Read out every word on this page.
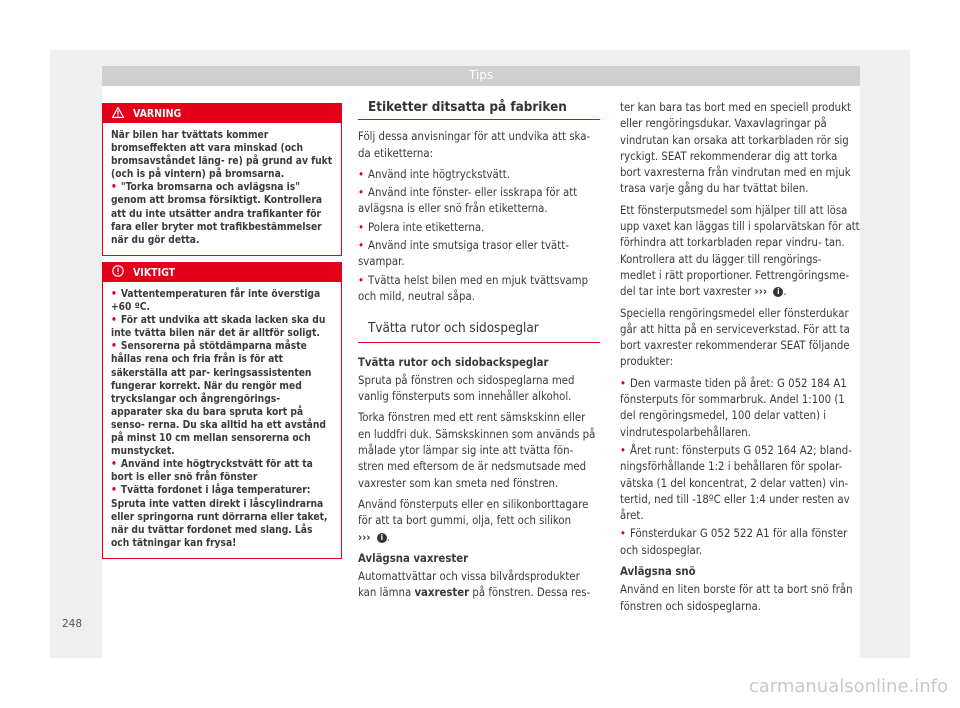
Tips
VARNING

När bilen har tvättats kommer bromseffekten att vara minskad (och bromsavståndet läng- re) på grund av fukt (och is på vintern) på bromsarna.

• "Torka bromsarna och avlägsna is" genom att bromsa försiktigt. Kontrollera att du inte utsätter andra trafikanter för fara eller bryter mot trafikbestämmelser när du gör detta.

VIKTIGT

• Vattentemperaturen får inte överstiga +60 ºC.

• För att undvika att skada lacken ska du inte tvätta bilen när det är alltför soligt.

• Sensorerna på stötdämparna måste hållas rena och fria från is för att säkerställa att par- keringsassistenten fungerar korrekt. När du rengör med tryckslangar och ångrengörings- apparater ska du bara spruta kort på senso- rerna. Du ska alltid ha ett avstånd på minst 10 cm mellan sensorerna och munstycket.

• Använd inte högtryckstvätt för att ta bort is eller snö från fönster

• Tvätta fordonet i låga temperaturer: Spruta inte vatten direkt i låscylindrarna eller springorna runt dörrarna eller taket, när du tvättar fordonet med slang. Lås och tätningar kan frysa!

Etiketter ditsatta på fabriken

Följ dessa anvisningar för att undvika att ska- da etiketterna:

• Använd inte högtryckstvätt.

• Använd inte fönster- eller isskrapa för att avlägsna is eller snö från etiketterna.

• Polera inte etiketterna.

• Använd inte smutsiga trasor eller tvätt- svampar.

• Tvätta helst bilen med en mjuk tvättsvamp och mild, neutral såpa.

Tvätta rutor och sidospeglar

Tvätta rutor och sidobackspeglar

Spruta på fönstren och sidospeglarna med vanlig fönsterputs som innehåller alkohol.

Torka fönstren med ett rent sämskskinn eller en luddfri duk. Sämskskinnen som används på målade ytor lämpar sig inte att tvätta fön- stren med eftersom de är nedsmutsade med vaxrester som kan smeta ned fönstren.

Använd fönsterputs eller en silikonborttagare för att ta bort gummi, olja, fett och silikon
››› i .

Avlägsna vaxrester

Automattvättar och vissa bilvårdsprodukter kan lämna vaxrester på fönstren. Dessa res-

ter kan bara tas bort med en speciell produkt eller rengöringsdukar. Vaxavlagringar på vindrutan kan orsaka att torkarbladen rör sig ryckigt. SEAT rekommenderar dig att torka bort vaxresterna från vindrutan med en mjuk trasa varje gång du har tvättat bilen.

Ett fönsterputsmedel som hjälper till att lösa upp vaxet kan läggas till i spolarvätskan för att förhindra att torkarbladen repar vindru- tan. Kontrollera att du lägger till rengörings- medlet i rätt proportioner. Fettrengöringsme- del tar inte bort vaxrester ››› i .

Speciella rengöringsmedel eller fönsterdukar går att hitta på en serviceverkstad. För att ta bort vaxrester rekommenderar SEAT följande produkter:

• Den varmaste tiden på året: G 052 184 A1 fönsterputs för sommarbruk. Andel 1:100 (1 del rengöringsmedel, 100 delar vatten) i vindrutespolarbehållaren.

• Året runt: fönsterputs G 052 164 A2; bland- ningsförhållande 1:2 i behållaren för spolar- vätska (1 del koncentrat, 2 delar vatten) vin- tertid, ned till -18ºC eller 1:4 under resten av året.

• Fönsterdukar G 052 522 A1 för alla fönster och sidospeglar.

Avlägsna snö

Använd en liten borste för att ta bort snö från fönstren och sidospeglarna.

248
carmanualsonline.info
